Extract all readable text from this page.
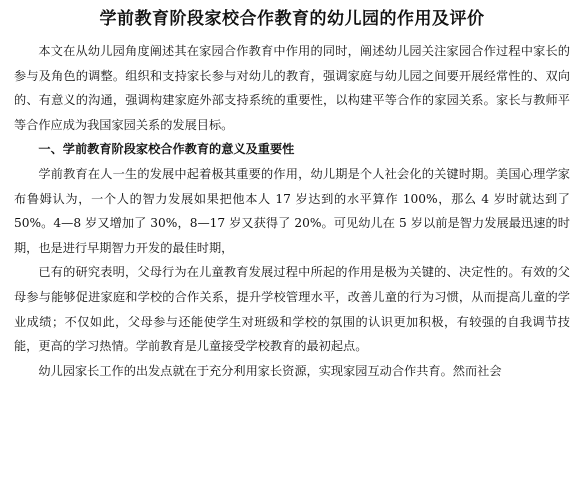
学前教育阶段家校合作教育的幼儿园的作用及评价

本文在从幼儿园角度阐述其在家园合作教育中作用的同时，阐述幼儿园关注家园合作过程中家长的参与及角色的调整。组织和支持家长参与对幼儿的教育，强调家庭与幼儿园之间要开展经常性的、双向的、有意义的沟通，强调构建家庭外部支持系统的重要性，以构建平等合作的家园关系。家长与教师平等合作应成为我国家园关系的发展目标。

一、学前教育阶段家校合作教育的意义及重要性

学前教育在人一生的发展中起着极其重要的作用，幼儿期是个人社会化的关键时期。美国心理学家布鲁姆认为，一个人的智力发展如果把他本人 17 岁达到的水平算作 100%，那么 4 岁时就达到了 50%。4—8 岁又增加了 30%，8—17 岁又获得了 20%。可见幼儿在 5 岁以前是智力发展最迅速的时期，也是进行早期智力开发的最佳时期，

已有的研究表明，父母行为在儿童教育发展过程中所起的作用是极为关键的、决定性的。有效的父母参与能够促进家庭和学校的合作关系，提升学校管理水平，改善儿童的行为习惯，从而提高儿童的学业成绩；不仅如此，父母参与还能使学生对班级和学校的氛围的认识更加积极，有较强的自我调节技能，更高的学习热情。学前教育是儿童接受学校教育的最初起点。

幼儿园家长工作的出发点就在于充分利用家长资源，实现家园互动合作共育。然而社会
